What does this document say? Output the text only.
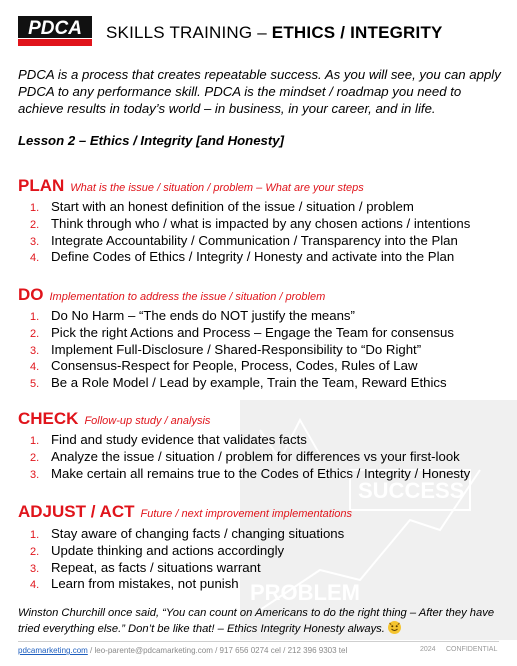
SUCCESS
PROBLEM
PDCA SKILLS TRAINING – ETHICS / INTEGRITY
PDCA is a process that creates repeatable success. As you will see, you can apply PDCA to any performance skill. PDCA is the mindset / roadmap you need to achieve results in today’s world – in business, in your career, and in life.
Lesson 2 – Ethics / Integrity [and Honesty]
PLAN What is the issue / situation / problem – What are your steps
1. Start with an honest definition of the issue / situation / problem
2. Think through who / what is impacted by any chosen actions / intentions
3. Integrate Accountability / Communication / Transparency into the Plan
4. Define Codes of Ethics / Integrity / Honesty and activate into the Plan
DO Implementation to address the issue / situation / problem
1. Do No Harm – “The ends do NOT justify the means”
2. Pick the right Actions and Process – Engage the Team for consensus
3. Implement Full-Disclosure / Shared-Responsibility to “Do Right”
4. Consensus-Respect for People, Process, Codes, Rules of Law
5. Be a Role Model / Lead by example, Train the Team, Reward Ethics
CHECK Follow-up study / analysis
1. Find and study evidence that validates facts
2. Analyze the issue / situation / problem for differences vs your first-look
3. Make certain all remains true to the Codes of Ethics / Integrity / Honesty
ADJUST / ACT Future / next improvement implementations
1. Stay aware of changing facts / changing situations
2. Update thinking and actions accordingly
3. Repeat, as facts / situations warrant
4. Learn from mistakes, not punish
Winston Churchill once said, “You can count on Americans to do the right thing – After they have tried everything else.” Don’t be like that! – Ethics Integrity Honesty always.
pdcamarketing.com / leo-parente@pdcamarketing.com / 917 656 0274 cel / 212 396 9303 tel	2024 CONFIDENTIAL
